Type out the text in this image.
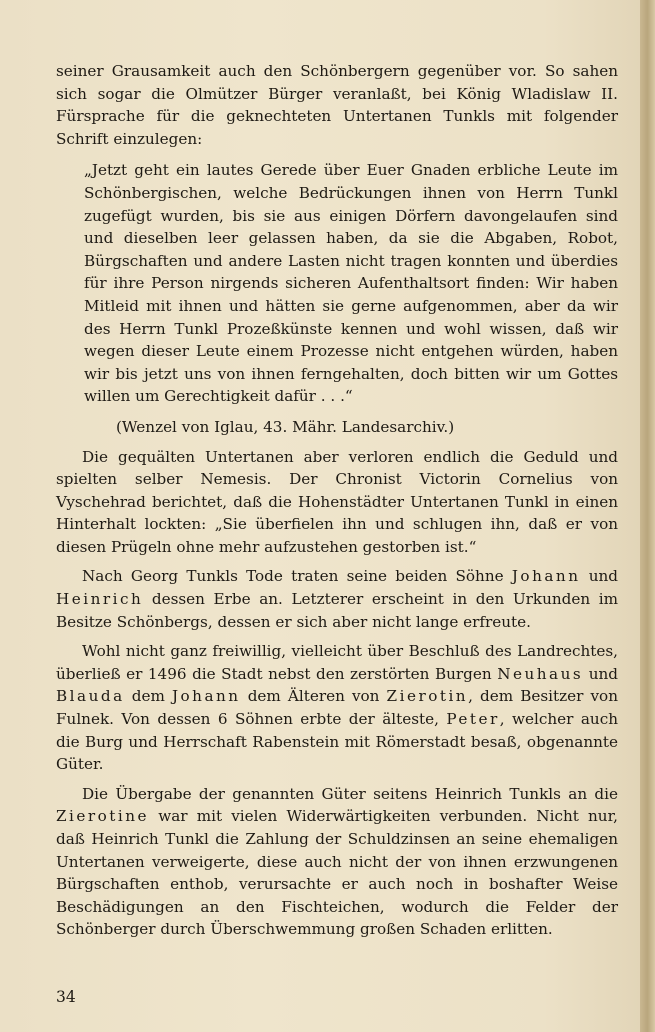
seiner Grausamkeit auch den Schönbergern gegenüber vor. So sahen sich sogar die Olmützer Bürger veranlaßt, bei König Wladislaw II. Fürsprache für die geknechteten Untertanen Tunkls mit folgender Schrift einzulegen:

„Jetzt geht ein lautes Gerede über Euer Gnaden erbliche Leute im Schönbergischen, welche Bedrückungen ihnen von Herrn Tunkl zugefügt wurden, bis sie aus einigen Dörfern davongelaufen sind und dieselben leer gelassen haben, da sie die Abgaben, Robot, Bürgschaften und andere Lasten nicht tragen konnten und überdies für ihre Person nirgends sicheren Aufenthaltsort finden: Wir haben Mitleid mit ihnen und hätten sie gerne aufgenommen, aber da wir des Herrn Tunkl Prozeßkünste kennen und wohl wissen, daß wir wegen dieser Leute einem Prozesse nicht entgehen würden, haben wir bis jetzt uns von ihnen ferngehalten, doch bitten wir um Gottes willen um Gerechtigkeit dafür . . .“

(Wenzel von Iglau, 43. Mähr. Landesarchiv.)

Die gequälten Untertanen aber verloren endlich die Geduld und spielten selber Nemesis. Der Chronist Victorin Cornelius von Vyschehrad berichtet, daß die Hohenstädter Untertanen Tunkl in einen Hinterhalt lockten: „Sie überfielen ihn und schlugen ihn, daß er von diesen Prügeln ohne mehr aufzustehen gestorben ist.“

Nach Georg Tunkls Tode traten seine beiden Söhne Johann und Heinrich dessen Erbe an. Letzterer erscheint in den Urkunden im Besitze Schönbergs, dessen er sich aber nicht lange erfreute.

Wohl nicht ganz freiwillig, vielleicht über Beschluß des Landrechtes, überließ er 1496 die Stadt nebst den zerstörten Burgen Neuhaus und Blauda dem Johann dem Älteren von Zierotin, dem Besitzer von Fulnek. Von dessen 6 Söhnen erbte der älteste, Peter, welcher auch die Burg und Herrschaft Rabenstein mit Römerstadt besaß, obgenannte Güter.

Die Übergabe der genannten Güter seitens Heinrich Tunkls an die Zierotine war mit vielen Widerwärtigkeiten verbunden. Nicht nur, daß Heinrich Tunkl die Zahlung der Schuldzinsen an seine ehemaligen Untertanen verweigerte, diese auch nicht der von ihnen erzwungenen Bürgschaften enthob, verursachte er auch noch in boshafter Weise Beschädigungen an den Fischteichen, wodurch die Felder der Schönberger durch Überschwemmung großen Schaden erlitten.

34
